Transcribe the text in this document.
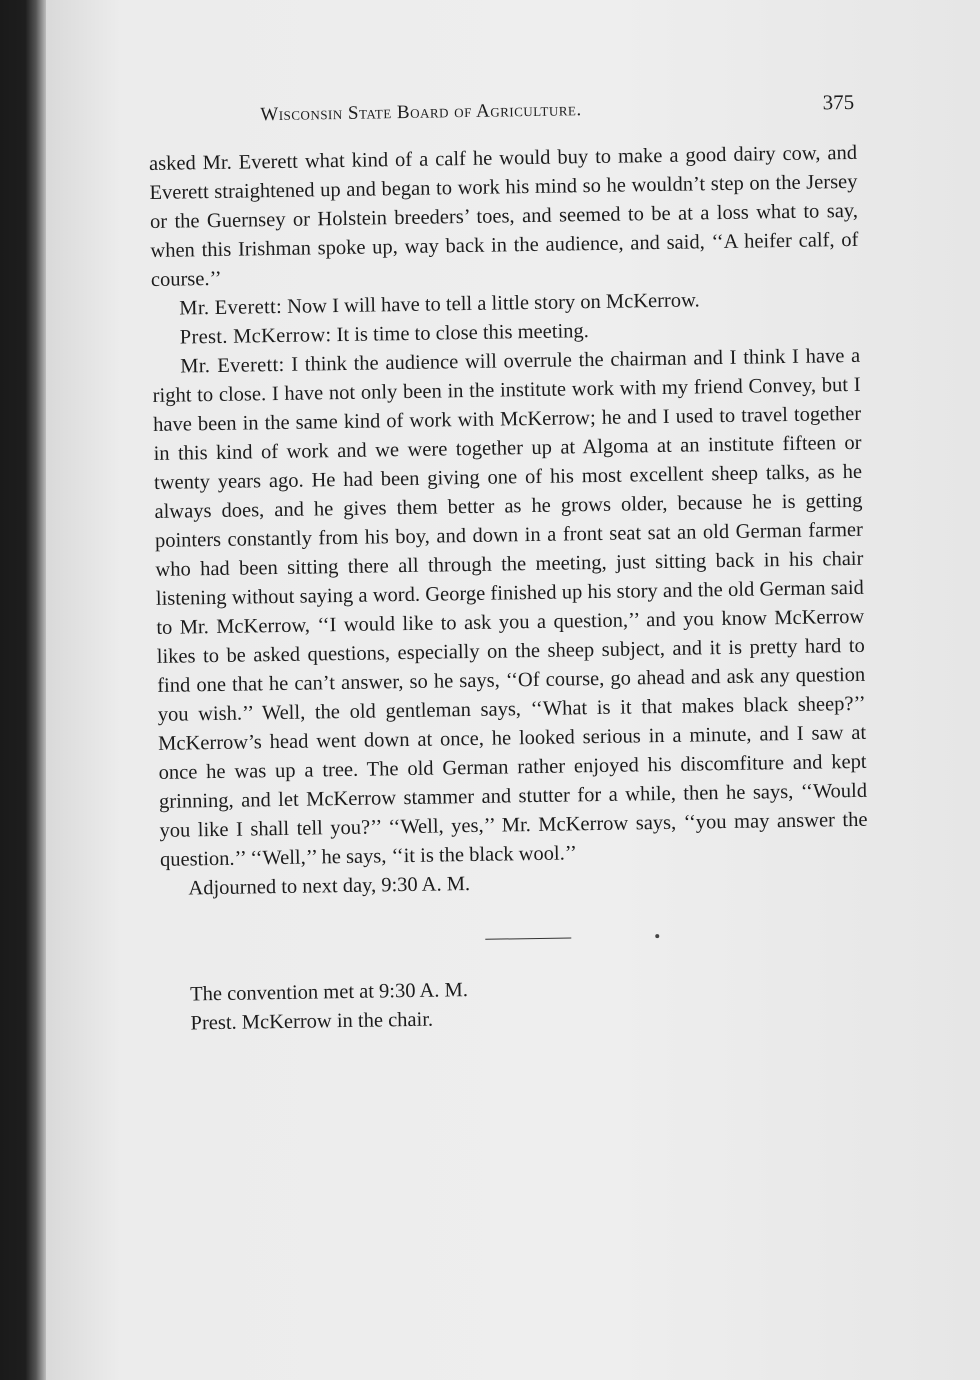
Wisconsin State Board of Agriculture.	375

asked Mr. Everett what kind of a calf he would buy to make a good dairy cow, and Everett straightened up and began to work his mind so he wouldn’t step on the Jersey or the Guernsey or Holstein breeders’ toes, and seemed to be at a loss what to say, when this Irishman spoke up, way back in the audience, and said, ‘‘A heifer calf, of course.’’

Mr. Everett: Now I will have to tell a little story on McKerrow.

Prest. McKerrow: It is time to close this meeting.

Mr. Everett: I think the audience will overrule the chairman and I think I have a right to close. I have not only been in the institute work with my friend Convey, but I have been in the same kind of work with McKerrow; he and I used to travel together in this kind of work and we were together up at Algoma at an institute fifteen or twenty years ago. He had been giving one of his most excellent sheep talks, as he always does, and he gives them better as he grows older, because he is getting pointers constantly from his boy, and down in a front seat sat an old German farmer who had been sitting there all through the meeting, just sitting back in his chair listening without saying a word. George finished up his story and the old German said to Mr. McKerrow, ‘‘I would like to ask you a question,’’ and you know McKerrow likes to be asked questions, especially on the sheep subject, and it is pretty hard to find one that he can’t answer, so he says, ‘‘Of course, go ahead and ask any question you wish.’’ Well, the old gentleman says, ‘‘What is it that makes black sheep?’’ McKerrow’s head went down at once, he looked serious in a minute, and I saw at once he was up a tree. The old German rather enjoyed his discomfiture and kept grinning, and let McKerrow stammer and stutter for a while, then he says, ‘‘Would you like I shall tell you?’’ ‘‘Well, yes,’’ Mr. McKerrow says, ‘‘you may answer the question.’’ ‘‘Well,’’ he says, ‘‘it is the black wool.’’

Adjourned to next day, 9:30 A. M.

The convention met at 9:30 A. M.

Prest. McKerrow in the chair.
